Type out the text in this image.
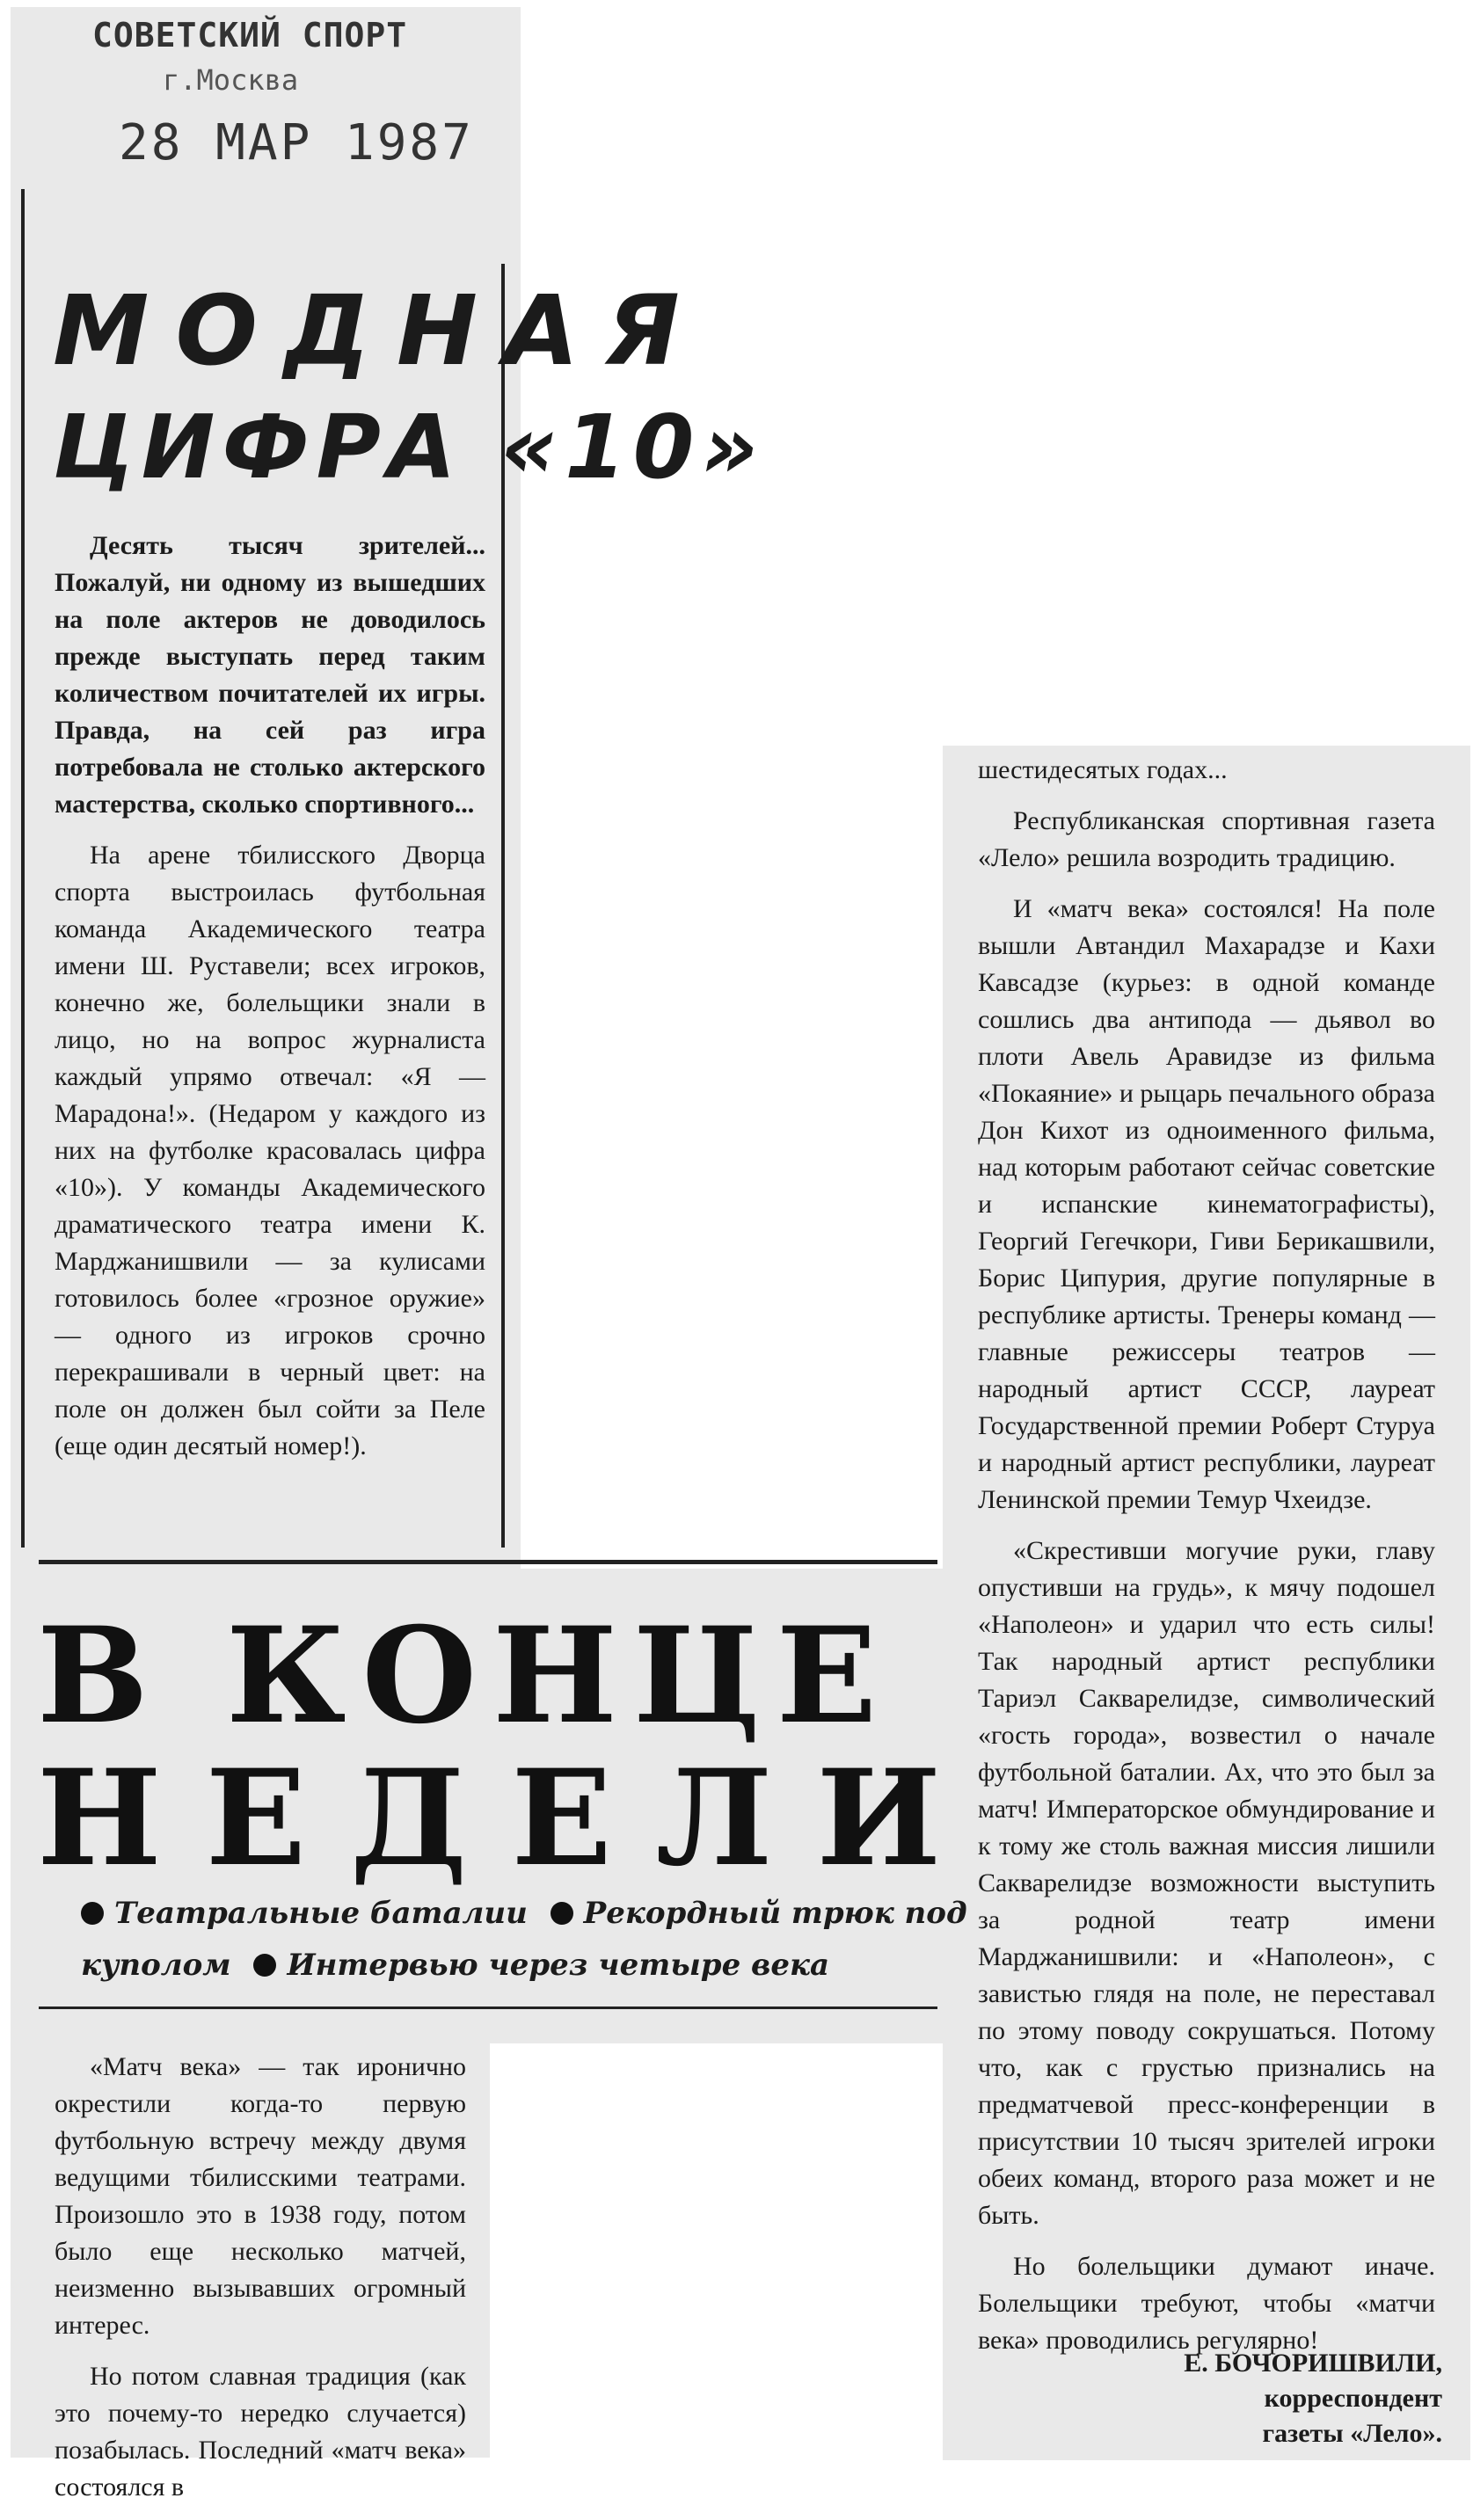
СОВЕТСКИЙ СПОРТ
г.Москва
28 МАР 1987
МОДНАЯ
ЦИФРА «10»

Десять тысяч зрителей... Пожалуй, ни одному из вышедших на поле актеров не доводилось прежде выступать перед таким количеством почитателей их игры. Правда, на сей раз игра потребовала не столько актерского мастерства, сколько спортивного...

На арене тбилисского Дворца спорта выстроилась футбольная команда Академического театра имени Ш. Руставели; всех игроков, конечно же, болельщики знали в лицо, но на вопрос журналиста каждый упрямо отвечал: «Я — Марадона!». (Недаром у каждого из них на футболке красовалась цифра «10»). У команды Академического драматического театра имени К. Марджанишвили — за кулисами готовилось более «грозное оружие» — одного из игроков срочно перекрашивали в черный цвет: на поле он должен был сойти за Пеле (еще один десятый номер!).

В КОНЦЕ
НЕДЕЛИ
Театральные баталии Рекордный трюк под
куполом Интервью через четыре века

«Матч века» — так иронично окрестили когда-то первую футбольную встречу между двумя ведущими тбилисскими театрами. Произошло это в 1938 году, потом было еще несколько матчей, неизменно вызывавших огромный интерес.

Но потом славная традиция (как это почему-то нередко случается) позабылась. Последний «матч века» состоялся в

шестидесятых годах...

Республиканская спортивная газета «Лело» решила возродить традицию.

И «матч века» состоялся! На поле вышли Автандил Махарадзе и Кахи Кавсадзе (курьез: в одной команде сошлись два антипода — дьявол во плоти Авель Аравидзе из фильма «Покаяние» и рыцарь печального образа Дон Кихот из одноименного фильма, над которым работают сейчас советские и испанские кинематографисты), Георгий Гегечкори, Гиви Берикашвили, Борис Ципурия, другие популярные в республике артисты. Тренеры команд — главные режиссеры театров — народный артист СССР, лауреат Государственной премии Роберт Стуруа и народный артист республики, лауреат Ленинской премии Темур Чхеидзе.

«Скрестивши могучие руки, главу опустивши на грудь», к мячу подошел «Наполеон» и ударил что есть силы! Так народный артист республики Тариэл Сакварелидзе, символический «гость города», возвестил о начале футбольной баталии. Ах, что это был за матч! Императорское обмундирование и к тому же столь важная миссия лишили Сакварелидзе возможности выступить за родной театр имени Марджанишвили: и «Наполеон», с завистью глядя на поле, не переставал по этому поводу сокрушаться. Потому что, как с грустью признались на предматчевой пресс-конференции в присутствии 10 тысяч зрителей игроки обеих команд, второго раза может и не быть.

Но болельщики думают иначе. Болельщики требуют, чтобы «матчи века» проводились регулярно!

Е. БОЧОРИШВИЛИ,
корреспондент
газеты «Лело».
